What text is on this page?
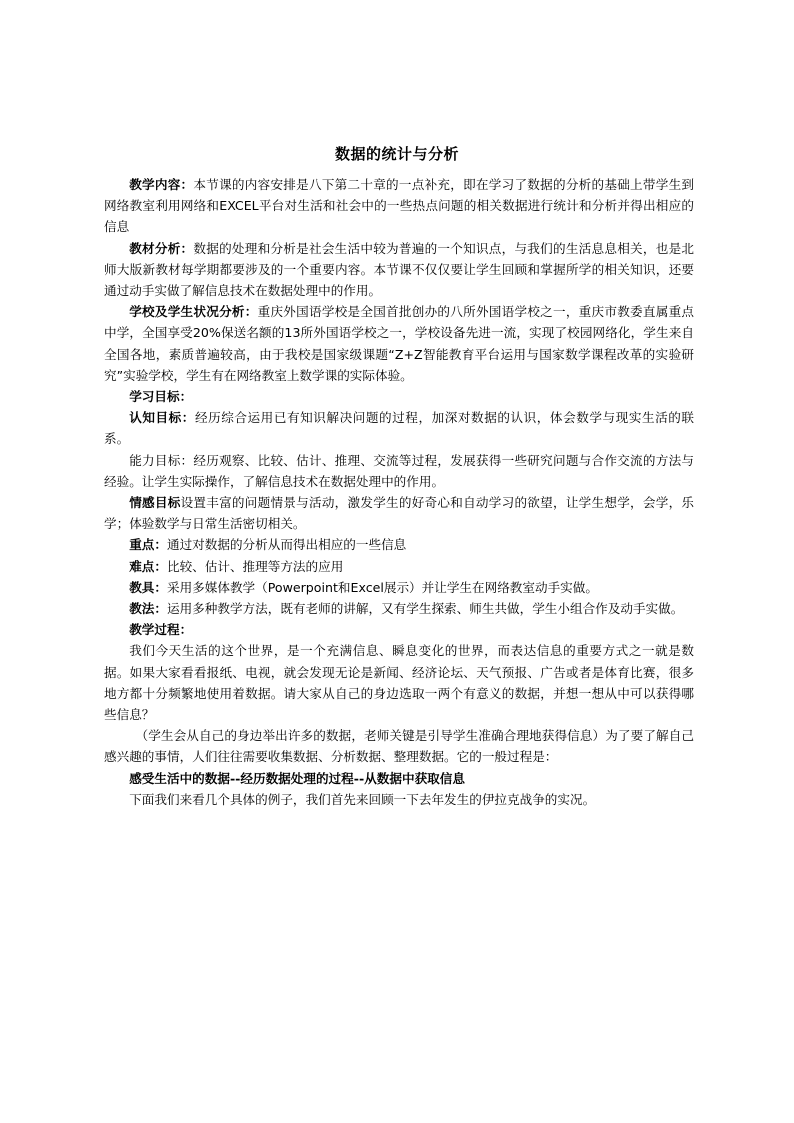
数据的统计与分析

教学内容：本节课的内容安排是八下第二十章的一点补充，即在学习了数据的分析的基础上带学生到网络教室利用网络和EXCEL平台对生活和社会中的一些热点问题的相关数据进行统计和分析并得出相应的信息

教材分析：数据的处理和分析是社会生活中较为普遍的一个知识点，与我们的生活息息相关，也是北师大版新教材每学期都要涉及的一个重要内容。本节课不仅仅要让学生回顾和掌握所学的相关知识，还要通过动手实做了解信息技术在数据处理中的作用。

学校及学生状况分析：重庆外国语学校是全国首批创办的八所外国语学校之一，重庆市教委直属重点中学，全国享受20%保送名额的13所外国语学校之一，学校设备先进一流，实现了校园网络化，学生来自全国各地，素质普遍较高，由于我校是国家级课题“Z+Z智能教育平台运用与国家数学课程改革的实验研究”实验学校，学生有在网络教室上数学课的实际体验。

学习目标：

认知目标：经历综合运用已有知识解决问题的过程，加深对数据的认识，体会数学与现实生活的联系。

能力目标：经历观察、比较、估计、推理、交流等过程，发展获得一些研究问题与合作交流的方法与经验。让学生实际操作，了解信息技术在数据处理中的作用。

情感目标设置丰富的问题情景与活动，激发学生的好奇心和自动学习的欲望，让学生想学，会学，乐学；体验数学与日常生活密切相关。

重点：通过对数据的分析从而得出相应的一些信息

难点：比较、估计、推理等方法的应用

教具：采用多媒体教学（Powerpoint和Excel展示）并让学生在网络教室动手实做。

教法：运用多种教学方法，既有老师的讲解，又有学生探索、师生共做，学生小组合作及动手实做。

教学过程：

我们今天生活的这个世界，是一个充满信息、瞬息变化的世界，而表达信息的重要方式之一就是数据。如果大家看看报纸、电视，就会发现无论是新闻、经济论坛、天气预报、广告或者是体育比赛，很多地方都十分频繁地使用着数据。请大家从自己的身边选取一两个有意义的数据，并想一想从中可以获得哪些信息？

（学生会从自己的身边举出许多的数据，老师关键是引导学生准确合理地获得信息）为了要了解自己感兴趣的事情，人们往往需要收集数据、分析数据、整理数据。它的一般过程是：

感受生活中的数据--经历数据处理的过程--从数据中获取信息

下面我们来看几个具体的例子，我们首先来回顾一下去年发生的伊拉克战争的实况。
